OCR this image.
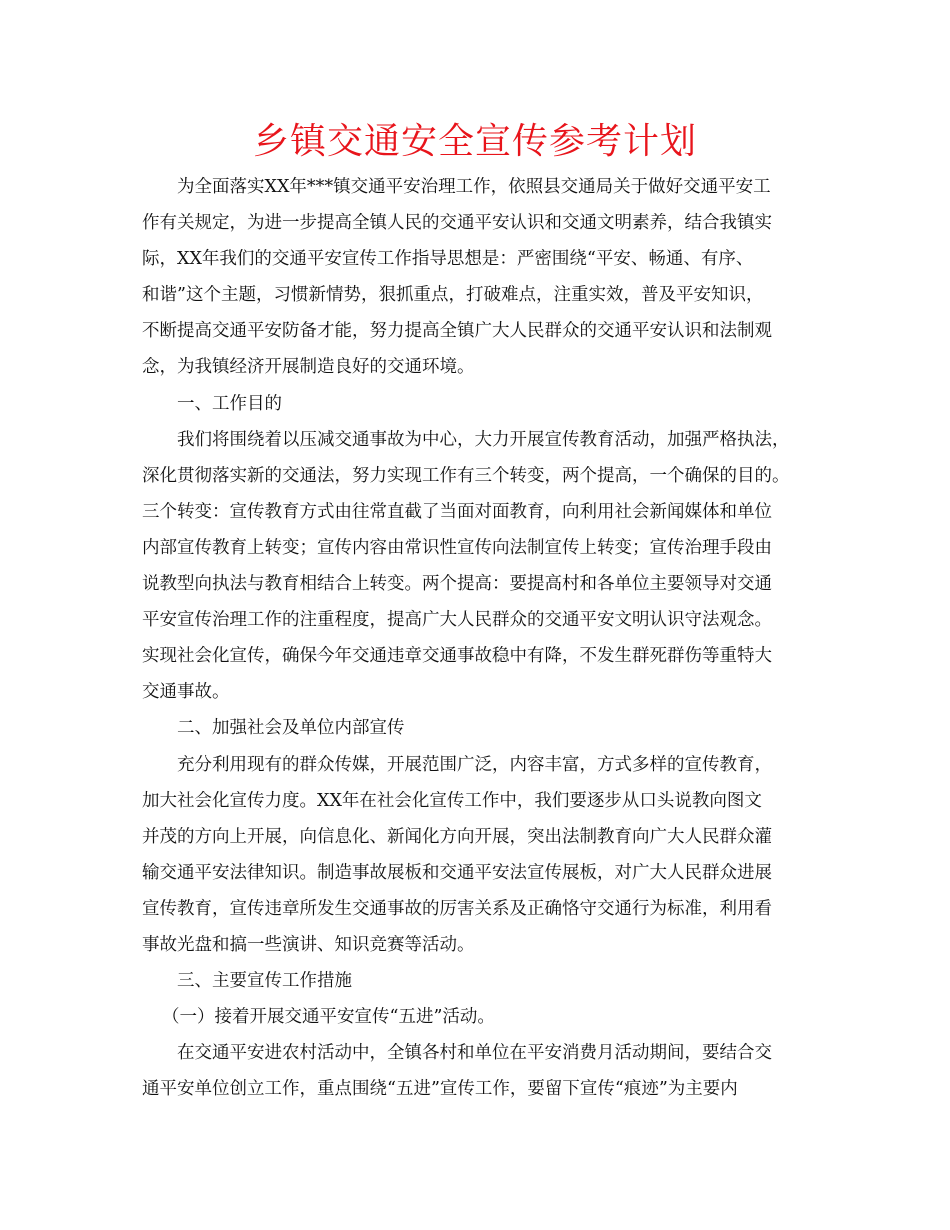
乡镇交通安全宣传参考计划
为全面落实XX年***镇交通平安治理工作，依照县交通局关于做好交通平安工
作有关规定，为进一步提高全镇人民的交通平安认识和交通文明素养，结合我镇实
际，XX年我们的交通平安宣传工作指导思想是：严密围绕“平安、畅通、有序、
和谐”这个主题，习惯新情势，狠抓重点，打破难点，注重实效，普及平安知识，
不断提高交通平安防备才能，努力提高全镇广大人民群众的交通平安认识和法制观
念，为我镇经济开展制造良好的交通环境。
一、工作目的
我们将围绕着以压减交通事故为中心，大力开展宣传教育活动，加强严格执法，
深化贯彻落实新的交通法，努力实现工作有三个转变，两个提高，一个确保的目的。
三个转变：宣传教育方式由往常直截了当面对面教育，向利用社会新闻媒体和单位
内部宣传教育上转变；宣传内容由常识性宣传向法制宣传上转变；宣传治理手段由
说教型向执法与教育相结合上转变。两个提高：要提高村和各单位主要领导对交通
平安宣传治理工作的注重程度，提高广大人民群众的交通平安文明认识守法观念。
实现社会化宣传，确保今年交通违章交通事故稳中有降，不发生群死群伤等重特大
交通事故。
二、加强社会及单位内部宣传
充分利用现有的群众传媒，开展范围广泛，内容丰富，方式多样的宣传教育，
加大社会化宣传力度。XX年在社会化宣传工作中，我们要逐步从口头说教向图文
并茂的方向上开展，向信息化、新闻化方向开展，突出法制教育向广大人民群众灌
输交通平安法律知识。制造事故展板和交通平安法宣传展板，对广大人民群众进展
宣传教育，宣传违章所发生交通事故的厉害关系及正确恪守交通行为标准，利用看
事故光盘和搞一些演讲、知识竞赛等活动。
三、主要宣传工作措施
（一）接着开展交通平安宣传“五进”活动。
在交通平安进农村活动中，全镇各村和单位在平安消费月活动期间，要结合交
通平安单位创立工作，重点围绕“五进”宣传工作，要留下宣传“痕迹”为主要内
